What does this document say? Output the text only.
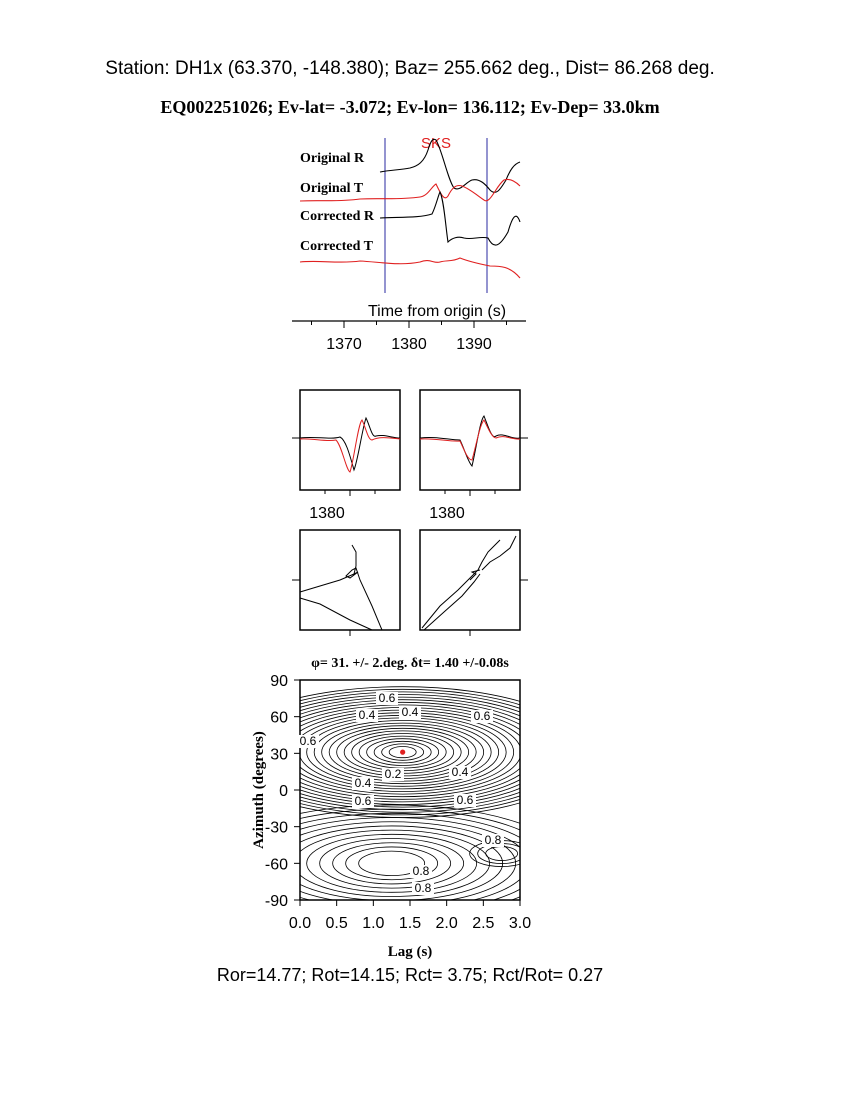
Station: DH1x (63.370, -148.380); Baz= 255.662 deg., Dist= 86.268 deg.
EQ002251026; Ev-lat= -3.072; Ev-lon= 136.112; Ev-Dep= 33.0km
SKS
Original R
Original T
Corrected R
Corrected T
Time from origin (s)
1370 1380 1390
1380	1380
φ= 31. +/- 2.deg. δt= 1.40 +/-0.08s
0.6
0.4 0.4	0.6
0.6
0.2
0.4
0.4
0.6	0.6
0.8
0.8
0.8
90
60
30
0
-30
-60
-90
0.0 0.5 1.0 1.5 2.0 2.5 3.0
Lag (s)
Azimuth (degrees)
Ror=14.77; Rot=14.15; Rct= 3.75; Rct/Rot= 0.27
